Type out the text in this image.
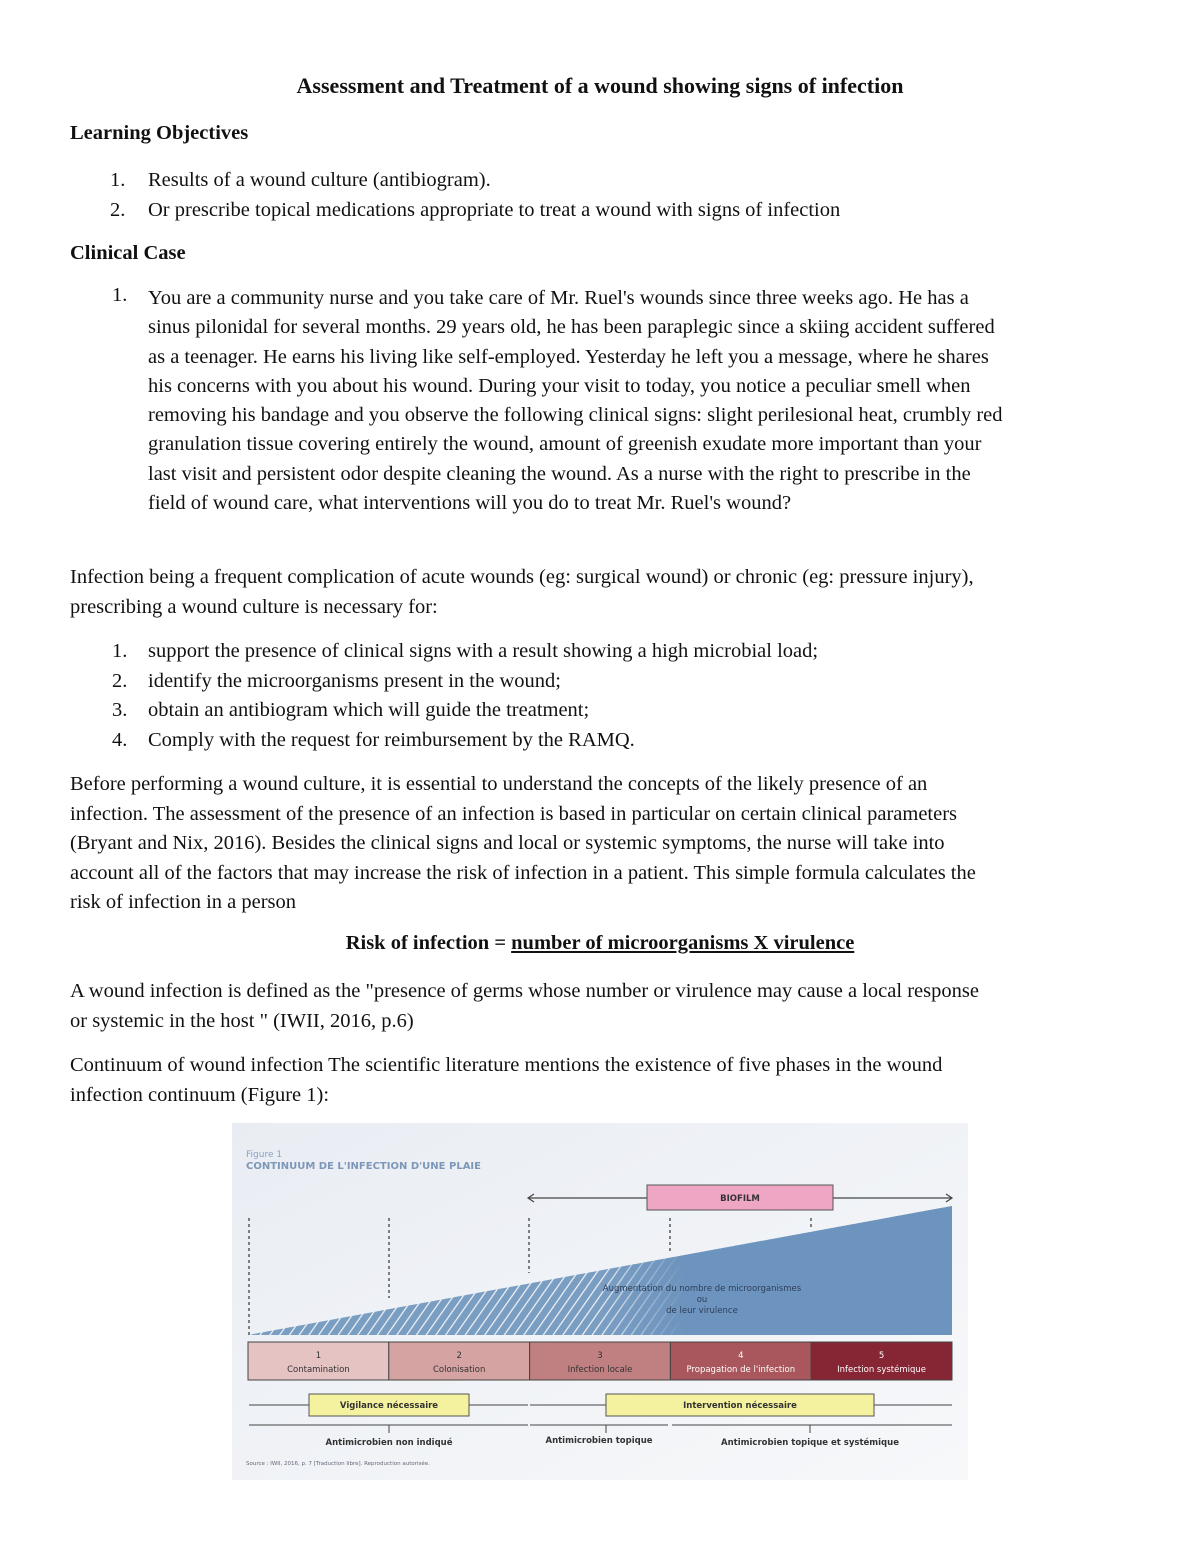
Assessment and Treatment of a wound showing signs of infection
Learning Objectives
1. Results of a wound culture (antibiogram).
2. Or prescribe topical medications appropriate to treat a wound with signs of infection
Clinical Case
1. You are a community nurse and you take care of Mr. Ruel's wounds since three weeks ago. He has a
sinus pilonidal for several months. 29 years old, he has been paraplegic since a skiing accident suffered
as a teenager. He earns his living like self-employed. Yesterday he left you a message, where he shares
his concerns with you about his wound. During your visit to today, you notice a peculiar smell when
removing his bandage and you observe the following clinical signs: slight perilesional heat, crumbly red
granulation tissue covering entirely the wound, amount of greenish exudate more important than your
last visit and persistent odor despite cleaning the wound. As a nurse with the right to prescribe in the
field of wound care, what interventions will you do to treat Mr. Ruel's wound?
Infection being a frequent complication of acute wounds (eg: surgical wound) or chronic (eg: pressure injury),
prescribing a wound culture is necessary for:
1. support the presence of clinical signs with a result showing a high microbial load;
2. identify the microorganisms present in the wound;
3. obtain an antibiogram which will guide the treatment;
4. Comply with the request for reimbursement by the RAMQ.
Before performing a wound culture, it is essential to understand the concepts of the likely presence of an
infection. The assessment of the presence of an infection is based in particular on certain clinical parameters
(Bryant and Nix, 2016). Besides the clinical signs and local or systemic symptoms, the nurse will take into
account all of the factors that may increase the risk of infection in a patient. This simple formula calculates the
risk of infection in a person
Risk of infection = number of microorganisms X virulence
A wound infection is defined as the "presence of germs whose number or virulence may cause a local response
or systemic in the host " (IWII, 2016, p.6)
Continuum of wound infection The scientific literature mentions the existence of five phases in the wound
infection continuum (Figure 1):
Figure 1
CONTINUUM DE L'INFECTION D'UNE PLAIE
Augmentation du nombre de microorganismes
ou
de leur virulence
BIOFILM
1
Contamination
2
Colonisation
3
Infection locale
4
Propagation de l'infection
5
Infection systémique
Vigilance nécessaire	Intervention nécessaire
Antimicrobien non indiqué	Antimicrobien topique	Antimicrobien topique et systémique
Source : IWII, 2016, p. 7 [Traduction libre]. Reproduction autorisée.
